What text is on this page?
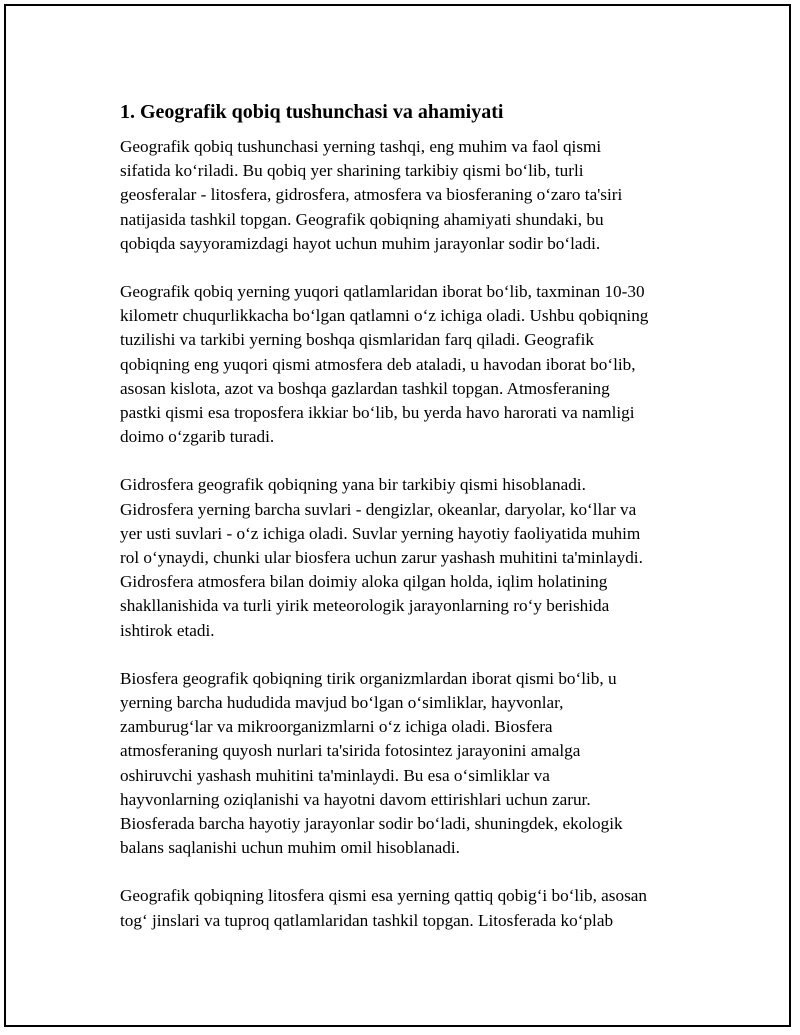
1. Geografik qobiq tushunchasi va ahamiyati

Geografik qobiq tushunchasi yerning tashqi, eng muhim va faol qismi
sifatida ko‘riladi. Bu qobiq yer sharining tarkibiy qismi bo‘lib, turli
geosferalar - litosfera, gidrosfera, atmosfera va biosferaning o‘zaro ta'siri
natijasida tashkil topgan. Geografik qobiqning ahamiyati shundaki, bu
qobiqda sayyoramizdagi hayot uchun muhim jarayonlar sodir bo‘ladi.

Geografik qobiq yerning yuqori qatlamlaridan iborat bo‘lib, taxminan 10-30
kilometr chuqurlikkacha bo‘lgan qatlamni o‘z ichiga oladi. Ushbu qobiqning
tuzilishi va tarkibi yerning boshqa qismlaridan farq qiladi. Geografik
qobiqning eng yuqori qismi atmosfera deb ataladi, u havodan iborat bo‘lib,
asosan kislota, azot va boshqa gazlardan tashkil topgan. Atmosferaning
pastki qismi esa troposfera ikkiar bo‘lib, bu yerda havo harorati va namligi
doimo o‘zgarib turadi.

Gidrosfera geografik qobiqning yana bir tarkibiy qismi hisoblanadi.
Gidrosfera yerning barcha suvlari - dengizlar, okeanlar, daryolar, ko‘llar va
yer usti suvlari - o‘z ichiga oladi. Suvlar yerning hayotiy faoliyatida muhim
rol o‘ynaydi, chunki ular biosfera uchun zarur yashash muhitini ta'minlaydi.
Gidrosfera atmosfera bilan doimiy aloka qilgan holda, iqlim holatining
shakllanishida va turli yirik meteorologik jarayonlarning ro‘y berishida
ishtirok etadi.

Biosfera geografik qobiqning tirik organizmlardan iborat qismi bo‘lib, u
yerning barcha hududida mavjud bo‘lgan o‘simliklar, hayvonlar,
zamburug‘lar va mikroorganizmlarni o‘z ichiga oladi. Biosfera
atmosferaning quyosh nurlari ta'sirida fotosintez jarayonini amalga
oshiruvchi yashash muhitini ta'minlaydi. Bu esa o‘simliklar va
hayvonlarning oziqlanishi va hayotni davom ettirishlari uchun zarur.
Biosferada barcha hayotiy jarayonlar sodir bo‘ladi, shuningdek, ekologik
balans saqlanishi uchun muhim omil hisoblanadi.

Geografik qobiqning litosfera qismi esa yerning qattiq qobig‘i bo‘lib, asosan
tog‘ jinslari va tuproq qatlamlaridan tashkil topgan. Litosferada ko‘plab
